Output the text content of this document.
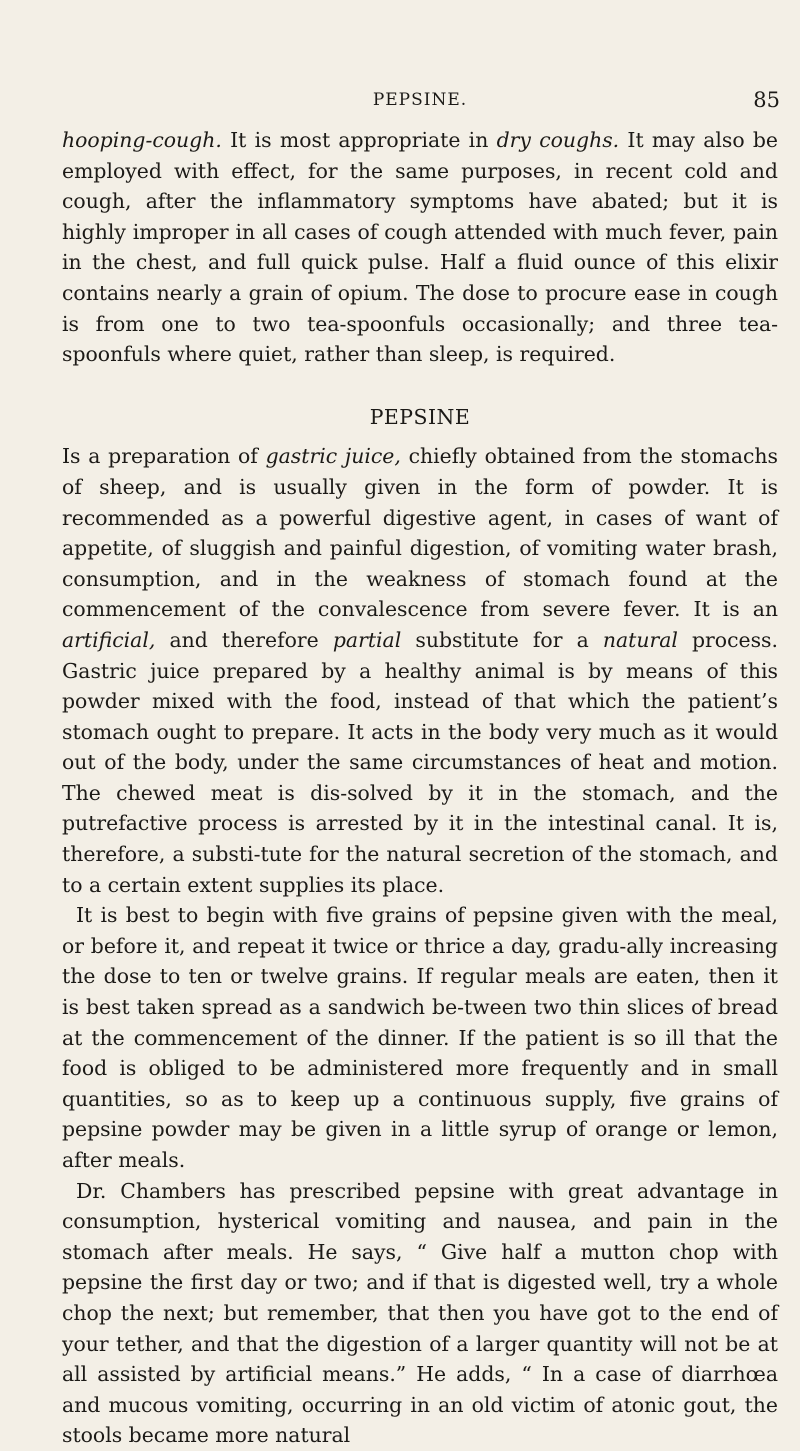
PEPSINE.	85

hooping-cough. It is most appropriate in dry coughs. It may also be employed with effect, for the same purposes, in recent cold and cough, after the inflammatory symptoms have abated; but it is highly improper in all cases of cough attended with much fever, pain in the chest, and full quick pulse. Half a fluid ounce of this elixir contains nearly a grain of opium. The dose to procure ease in cough is from one to two tea-spoonfuls occasionally; and three tea-spoonfuls where quiet, rather than sleep, is required.

PEPSINE

Is a preparation of gastric juice, chiefly obtained from the stomachs of sheep, and is usually given in the form of powder. It is recommended as a powerful digestive agent, in cases of want of appetite, of sluggish and painful digestion, of vomiting water brash, consumption, and in the weakness of stomach found at the commencement of the convalescence from severe fever. It is an artificial, and therefore partial substitute for a natural process. Gastric juice prepared by a healthy animal is by means of this powder mixed with the food, instead of that which the patient’s stomach ought to prepare. It acts in the body very much as it would out of the body, under the same circumstances of heat and motion. The chewed meat is dis-solved by it in the stomach, and the putrefactive process is arrested by it in the intestinal canal. It is, therefore, a substi-tute for the natural secretion of the stomach, and to a certain extent supplies its place.

It is best to begin with five grains of pepsine given with the meal, or before it, and repeat it twice or thrice a day, gradu-ally increasing the dose to ten or twelve grains. If regular meals are eaten, then it is best taken spread as a sandwich be-tween two thin slices of bread at the commencement of the dinner. If the patient is so ill that the food is obliged to be administered more frequently and in small quantities, so as to keep up a continuous supply, five grains of pepsine powder may be given in a little syrup of orange or lemon, after meals.

Dr. Chambers has prescribed pepsine with great advantage in consumption, hysterical vomiting and nausea, and pain in the stomach after meals. He says, “ Give half a mutton chop with pepsine the first day or two; and if that is digested well, try a whole chop the next; but remember, that then you have got to the end of your tether, and that the digestion of a larger quantity will not be at all assisted by artificial means.” He adds, “ In a case of diarrhœa and mucous vomiting, occurring in an old victim of atonic gout, the stools became more natural
